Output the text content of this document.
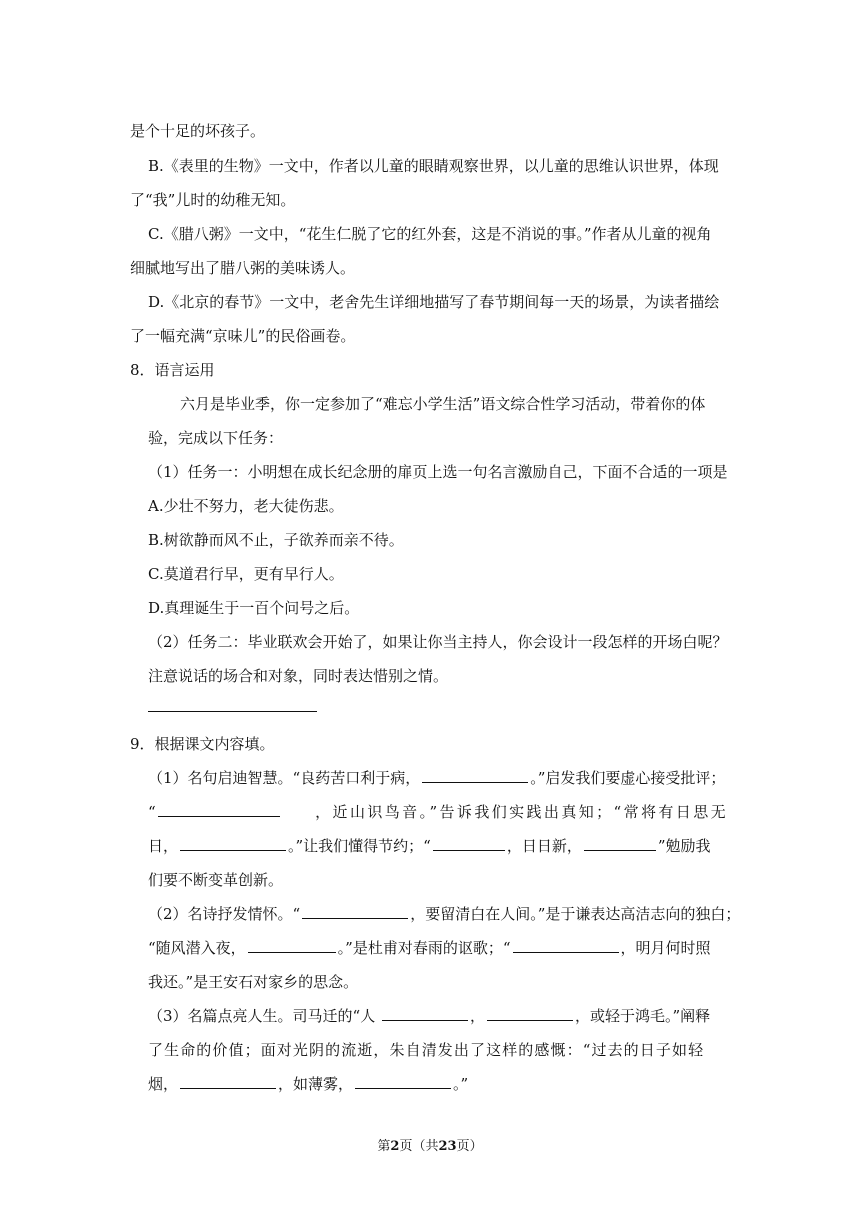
是个十足的坏孩子。
B.《表里的生物》一文中，作者以儿童的眼睛观察世界，以儿童的思维认识世界，体现
了“我”儿时的幼稚无知。
C.《腊八粥》一文中，“花生仁脱了它的红外套，这是不消说的事。”作者从儿童的视角
细腻地写出了腊八粥的美味诱人。
D.《北京的春节》一文中，老舍先生详细地描写了春节期间每一天的场景，为读者描绘
了一幅充满“京味儿”的民俗画卷。
8．语言运用
六月是毕业季，你一定参加了“难忘小学生活”语文综合性学习活动，带着你的体
验，完成以下任务：
（1）任务一：小明想在成长纪念册的扉页上选一句名言激励自己，下面不合适的一项是
A.少壮不努力，老大徒伤悲。
B.树欲静而风不止，子欲养而亲不待。
C.莫道君行早，更有早行人。
D.真理诞生于一百个问号之后。
（2）任务二：毕业联欢会开始了，如果让你当主持人，你会设计一段怎样的开场白呢？
注意说话的场合和对象，同时表达惜别之情。
9．根据课文内容填。
（1）名句启迪智慧。“良药苦口利于病，	。”启发我们要虚心接受批评；
“	，近山识鸟音。”告诉我们实践出真知；“常将有日思无
日，	。”让我们懂得节约；“	，日日新，	”勉励我
们要不断变革创新。
（2）名诗抒发情怀。“	，要留清白在人间。”是于谦表达高洁志向的独白；
“随风潜入夜，	。”是杜甫对春雨的讴歌；“	，明月何时照
我还。”是王安石对家乡的思念。
（3）名篇点亮人生。司马迁的“人	，	，或轻于鸿毛。”阐释
了生命的价值；面对光阴的流逝，朱自清发出了这样的感慨：“过去的日子如轻
烟，	，如薄雾，	。”
第2页（共23页）
